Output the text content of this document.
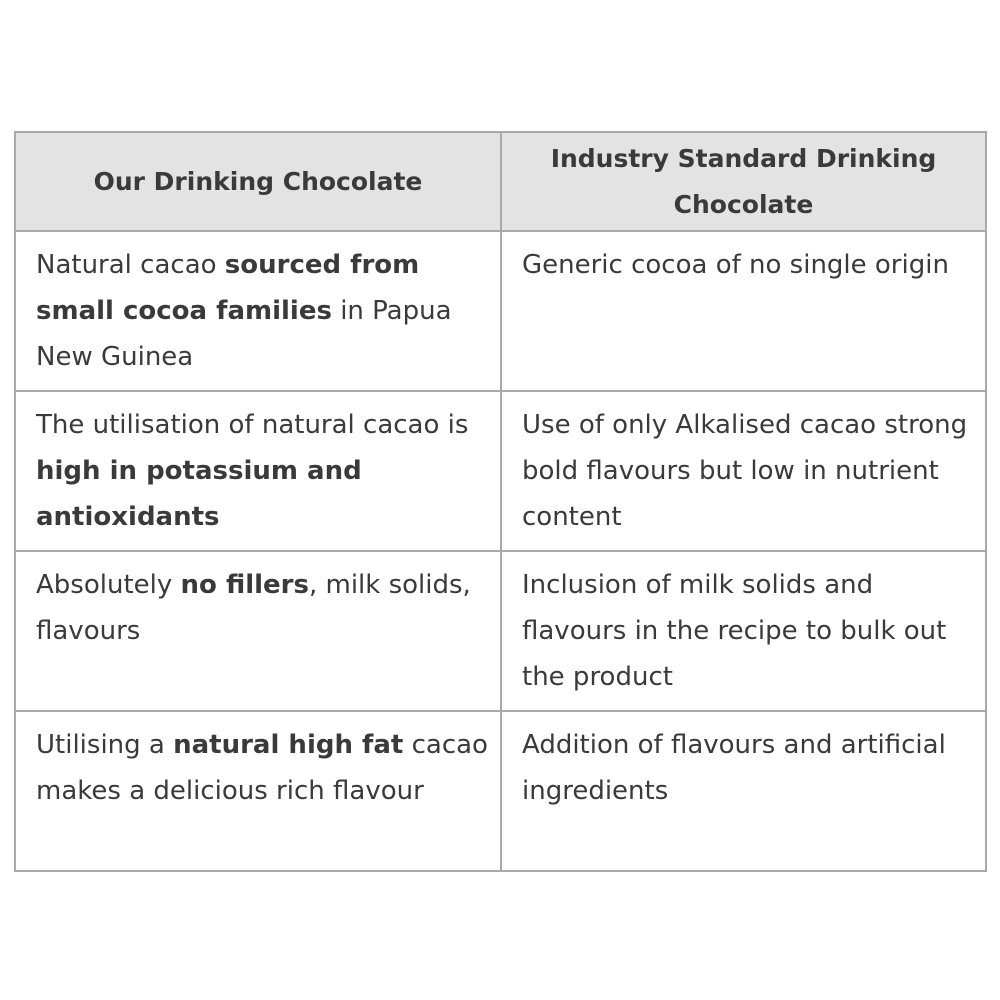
Our Drinking Chocolate	Industry Standard Drinking Chocolate
Natural cacao sourced from small cocoa families in Papua New Guinea	Generic cocoa of no single origin
The utilisation of natural cacao is high in potassium and antioxidants	Use of only Alkalised cacao strong bold flavours but low in nutrient content
Absolutely no fillers, milk solids, flavours	Inclusion of milk solids and flavours in the recipe to bulk out the product
Utilising a natural high fat cacao makes a delicious rich flavour	Addition of flavours and artificial ingredients
